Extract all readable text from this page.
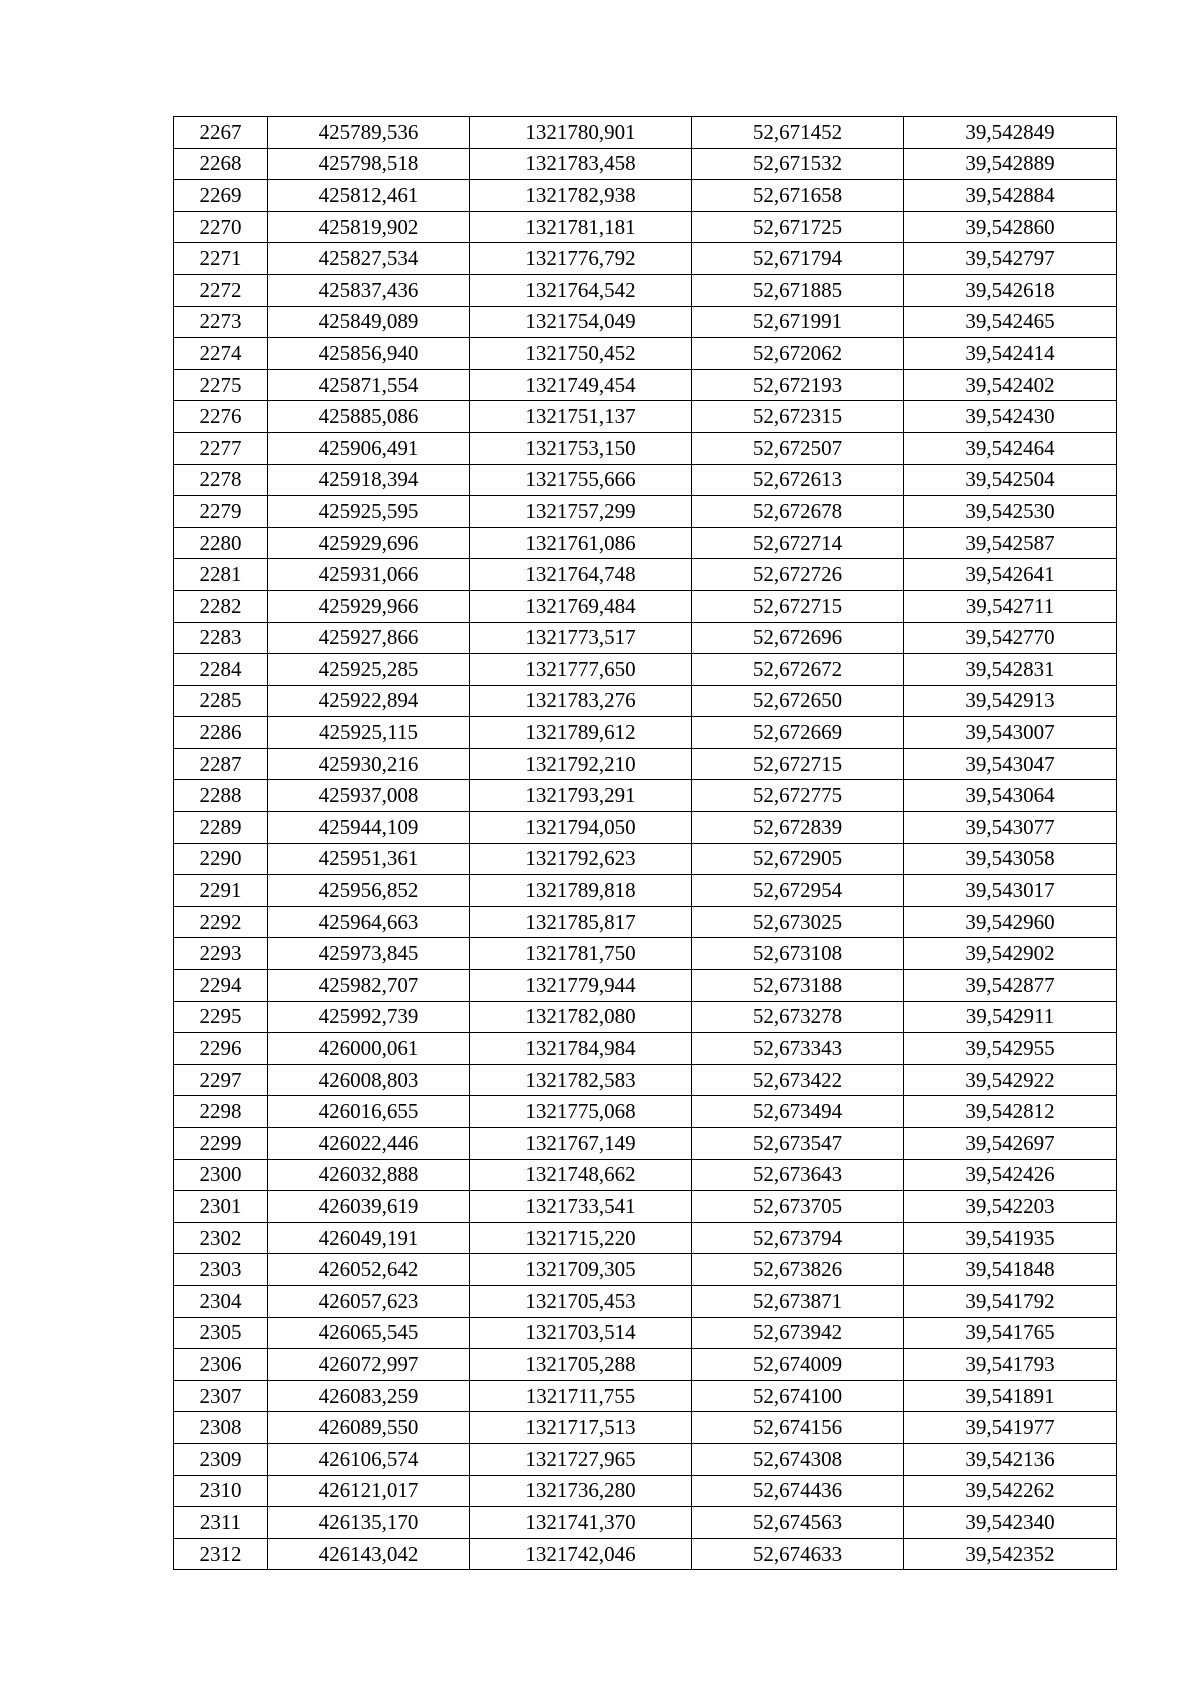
2267	425789,536	1321780,901	52,671452	39,542849
2268	425798,518	1321783,458	52,671532	39,542889
2269	425812,461	1321782,938	52,671658	39,542884
2270	425819,902	1321781,181	52,671725	39,542860
2271	425827,534	1321776,792	52,671794	39,542797
2272	425837,436	1321764,542	52,671885	39,542618
2273	425849,089	1321754,049	52,671991	39,542465
2274	425856,940	1321750,452	52,672062	39,542414
2275	425871,554	1321749,454	52,672193	39,542402
2276	425885,086	1321751,137	52,672315	39,542430
2277	425906,491	1321753,150	52,672507	39,542464
2278	425918,394	1321755,666	52,672613	39,542504
2279	425925,595	1321757,299	52,672678	39,542530
2280	425929,696	1321761,086	52,672714	39,542587
2281	425931,066	1321764,748	52,672726	39,542641
2282	425929,966	1321769,484	52,672715	39,542711
2283	425927,866	1321773,517	52,672696	39,542770
2284	425925,285	1321777,650	52,672672	39,542831
2285	425922,894	1321783,276	52,672650	39,542913
2286	425925,115	1321789,612	52,672669	39,543007
2287	425930,216	1321792,210	52,672715	39,543047
2288	425937,008	1321793,291	52,672775	39,543064
2289	425944,109	1321794,050	52,672839	39,543077
2290	425951,361	1321792,623	52,672905	39,543058
2291	425956,852	1321789,818	52,672954	39,543017
2292	425964,663	1321785,817	52,673025	39,542960
2293	425973,845	1321781,750	52,673108	39,542902
2294	425982,707	1321779,944	52,673188	39,542877
2295	425992,739	1321782,080	52,673278	39,542911
2296	426000,061	1321784,984	52,673343	39,542955
2297	426008,803	1321782,583	52,673422	39,542922
2298	426016,655	1321775,068	52,673494	39,542812
2299	426022,446	1321767,149	52,673547	39,542697
2300	426032,888	1321748,662	52,673643	39,542426
2301	426039,619	1321733,541	52,673705	39,542203
2302	426049,191	1321715,220	52,673794	39,541935
2303	426052,642	1321709,305	52,673826	39,541848
2304	426057,623	1321705,453	52,673871	39,541792
2305	426065,545	1321703,514	52,673942	39,541765
2306	426072,997	1321705,288	52,674009	39,541793
2307	426083,259	1321711,755	52,674100	39,541891
2308	426089,550	1321717,513	52,674156	39,541977
2309	426106,574	1321727,965	52,674308	39,542136
2310	426121,017	1321736,280	52,674436	39,542262
2311	426135,170	1321741,370	52,674563	39,542340
2312	426143,042	1321742,046	52,674633	39,542352
